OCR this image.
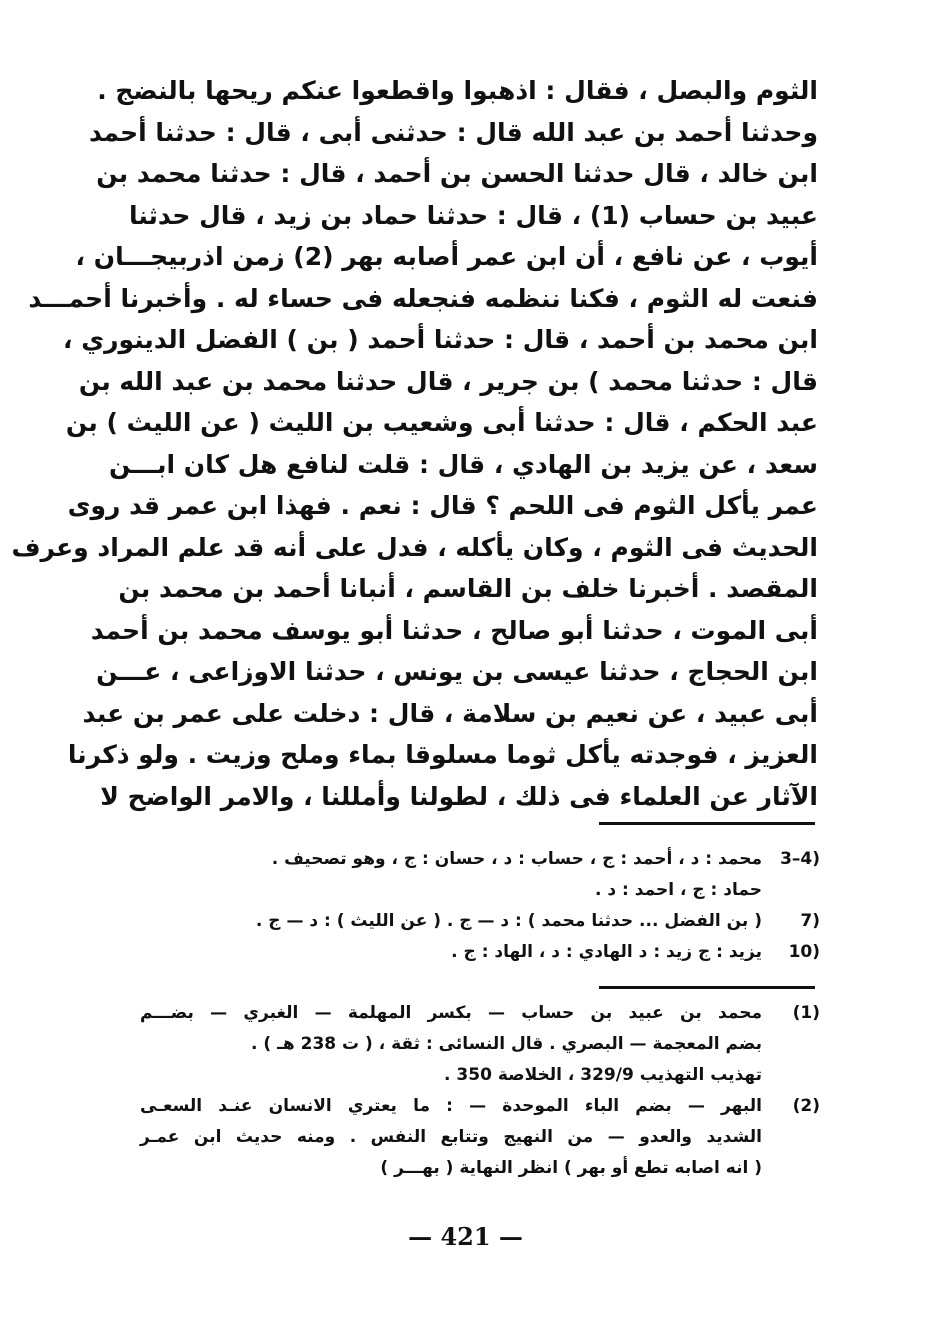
الثوم والبصل ، فقال : اذهبوا واقطعوا عنكم ريحها بالنضج .
وحدثنا أحمد بن عبد الله قال : حدثنى أبى ، قال : حدثنا أحمد
ابن خالد ، قال حدثنا الحسن بن أحمد ، قال : حدثنا محمد بن
عبيد بن حساب (1) ، قال : حدثنا حماد بن زيد ، قال حدثنا
أيوب ، عن نافع ، أن ابن عمر أصابه بهر (2) زمن اذربيجـــان ،
فنعت له الثوم ، فكنا ننظمه فنجعله فى حساء له . وأخبرنا أحمـــد
ابن محمد بن أحمد ، قال : حدثنا أحمد ( بن ) الفضل الدينوري ،
قال : حدثنا محمد ) بن جرير ، قال حدثنا محمد بن عبد الله بن
عبد الحكم ، قال : حدثنا أبى وشعيب بن الليث ( عن الليث ) بن
سعد ، عن يزيد بن الهادي ، قال : قلت لنافع هل كان ابـــن
عمر يأكل الثوم فى اللحم ؟ قال : نعم . فهذا ابن عمر قد روى
الحديث فى الثوم ، وكان يأكله ، فدل على أنه قد علم المراد وعرف
المقصد . أخبرنا خلف بن القاسم ، أنبانا أحمد بن محمد بن
أبى الموت ، حدثنا أبو صالح ، حدثنا أبو يوسف محمد بن أحمد
ابن الحجاج ، حدثنا عيسى بن يونس ، حدثنا الاوزاعى ، عـــن
أبى عبيد ، عن نعيم بن سلامة ، قال : دخلت على عمر بن عبد
العزيز ، فوجدته يأكل ثوما مسلوقا بماء وملح وزيت . ولو ذكرنا
الآثار عن العلماء فى ذلك ، لطولنا وأمللنا ، والامر الواضح لا
3–4)
محمد : د ، أحمد : ج ، حساب : د ، حسان : ج ، وهو تصحيف .
حماد : ج ، احمد : د .
7)
( بن الفضل ... حدثنا محمد ) : د — ج . ( عن الليث ) : د — ج .
10)
يزيد : ج زيد : د الهادي : د ، الهاد : ج .
(1)
محمد بن عبيد بن حساب — بكسر المهلمة — الغبري — بضـــم
بضم المعجمة — البصري . قال النسائى : ثقة ، ( ت 238 هـ ) .
تهذيب التهذيب 329/9 ، الخلاصة 350 .
(2)
البهر — بضم الباء الموحدة — : ما يعتري الانسان عنـد السعـى
الشديد والعدو — من النهيج وتتابع النفس . ومنه حديث ابن عمـر
( انه اصابه تطع أو بهر ) انظر النهاية ( بهـــر )
— 421 —
